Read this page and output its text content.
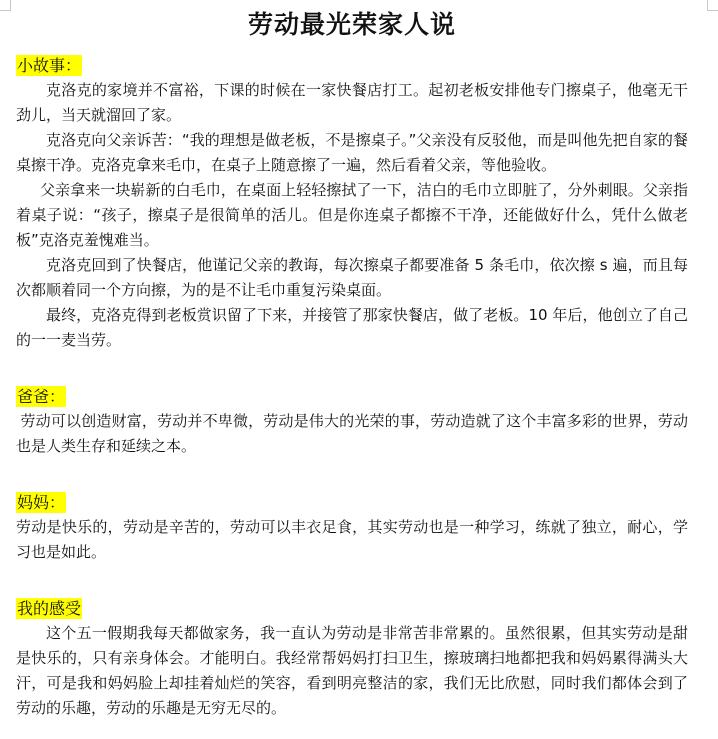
劳动最光荣家人说
小故事：

克洛克的家境并不富裕，下课的时候在一家快餐店打工。起初老板安排他专门擦桌子，他毫无干劲儿，当天就溜回了家。

克洛克向父亲诉苦：“我的理想是做老板，不是擦桌子。”父亲没有反驳他，而是叫他先把自家的餐桌擦干净。克洛克拿来毛巾，在桌子上随意擦了一遍，然后看着父亲，等他验收。

父亲拿来一块崭新的白毛巾，在桌面上轻轻擦拭了一下，洁白的毛巾立即脏了，分外刺眼。父亲指着桌子说：“孩子，擦桌子是很简单的活儿。但是你连桌子都擦不干净，还能做好什么，凭什么做老板”克洛克羞愧难当。

克洛克回到了快餐店，他谨记父亲的教诲，每次擦桌子都要准备 5 条毛巾，依次擦 s 遍，而且每次都顺着同一个方向擦，为的是不让毛巾重复污染桌面。

最终，克洛克得到老板赏识留了下来，并接管了那家快餐店，做了老板。10 年后，他创立了自己的一一麦当劳。

爸爸：

劳动可以创造财富，劳动并不卑微，劳动是伟大的光荣的事，劳动造就了这个丰富多彩的世界，劳动也是人类生存和延续之本。

妈妈：

劳动是快乐的，劳动是辛苦的，劳动可以丰衣足食，其实劳动也是一种学习，练就了独立，耐心，学习也是如此。

我的感受

这个五一假期我每天都做家务，我一直认为劳动是非常苦非常累的。虽然很累，但其实劳动是甜是快乐的，只有亲身体会。才能明白。我经常帮妈妈打扫卫生，擦玻璃扫地都把我和妈妈累得满头大汗，可是我和妈妈脸上却挂着灿烂的笑容，看到明亮整洁的家，我们无比欣慰，同时我们都体会到了劳动的乐趣，劳动的乐趣是无穷无尽的。
